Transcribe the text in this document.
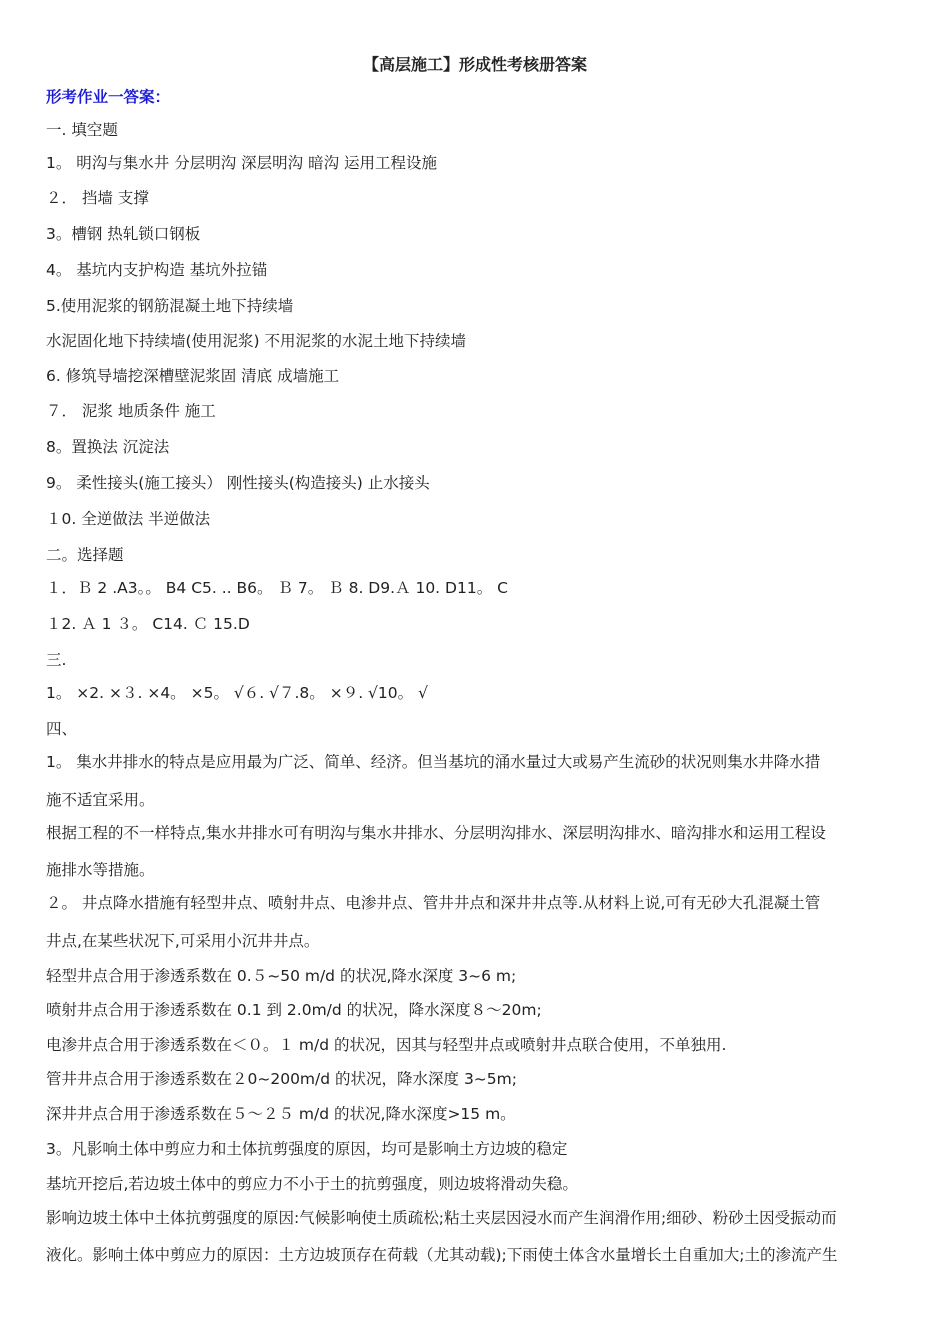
【高层施工】形成性考核册答案
形考作业一答案：
一. 填空题
1。 明沟与集水井 分层明沟 深层明沟 暗沟 运用工程设施
２． 挡墙 支撑
3。槽钢 热轧锁口钢板
4。 基坑内支护构造 基坑外拉锚
5.使用泥浆的钢筋混凝土地下持续墙
水泥固化地下持续墙(使用泥浆) 不用泥浆的水泥土地下持续墙
6. 修筑导墙挖深槽壁泥浆固 清底 成墙施工
７． 泥浆 地质条件 施工
8。置换法 沉淀法
9。 柔性接头(施工接头） 刚性接头(构造接头) 止水接头
１0. 全逆做法 半逆做法
二。选择题
１．Ｂ 2 .A3。。 B4 C5. .. B6。 Ｂ 7。 Ｂ 8. D9.Ａ 10. D11。 C
１2. Ａ 1 ３。 C14. Ｃ 15.D
三.
1。 ×2. ×３. ×4。 ×5。 √６. √７.8。 ×９. √10。 √
四、
1。 集水井排水的特点是应用最为广泛、简单、经济。但当基坑的涌水量过大或易产生流砂的状况则集水井降水措
施不适宜采用。
根据工程的不一样特点,集水井排水可有明沟与集水井排水、分层明沟排水、深层明沟排水、暗沟排水和运用工程设
施排水等措施。
２。 井点降水措施有轻型井点、喷射井点、电渗井点、管井井点和深井井点等.从材料上说,可有无砂大孔混凝土管
井点,在某些状况下,可采用小沉井井点。
轻型井点合用于渗透系数在 0.５~50 m/d 的状况,降水深度 3~6 m;
喷射井点合用于渗透系数在 0.1 到 2.0m/d 的状况，降水深度８～20m;
电渗井点合用于渗透系数在＜０。１ m/d 的状况，因其与轻型井点或喷射井点联合使用，不单独用.
管井井点合用于渗透系数在２0~200m/d 的状况，降水深度 3~5m;
深井井点合用于渗透系数在５～２５ m/d 的状况,降水深度>15 m。
3。凡影响土体中剪应力和土体抗剪强度的原因，均可是影响土方边坡的稳定
基坑开挖后,若边坡土体中的剪应力不小于土的抗剪强度，则边坡将滑动失稳。
影响边坡土体中土体抗剪强度的原因:气候影响使土质疏松;粘土夹层因浸水而产生润滑作用;细砂、粉砂土因受振动而
液化。影响土体中剪应力的原因：土方边坡顶存在荷载（尤其动载);下雨使土体含水量增长土自重加大;土的渗流产生
